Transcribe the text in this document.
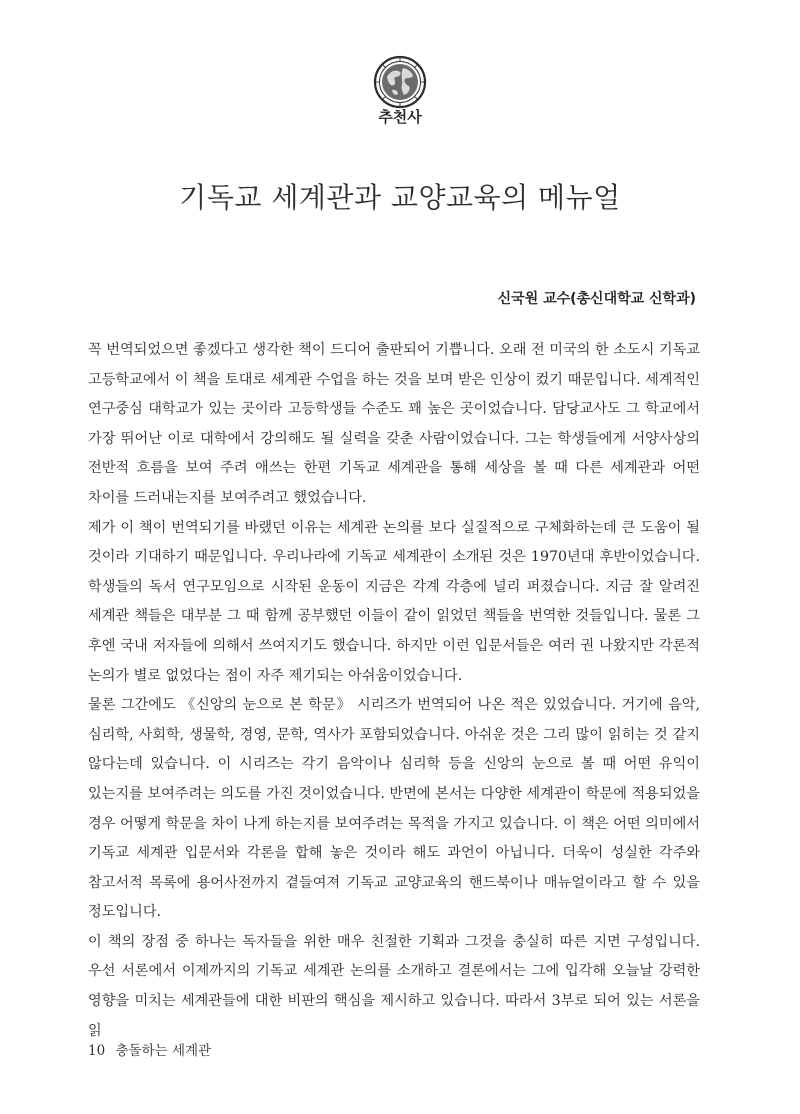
추천사
기독교 세계관과 교양교육의 메뉴얼
신국원 교수(총신대학교 신학과)

꼭 번역되었으면 좋겠다고 생각한 책이 드디어 출판되어 기쁩니다. 오래 전 미국의 한 소도시 기독교 고등학교에서 이 책을 토대로 세계관 수업을 하는 것을 보며 받은 인상이 컸기 때문입니다. 세계적인 연구중심 대학교가 있는 곳이라 고등학생들 수준도 꽤 높은 곳이었습니다. 담당교사도 그 학교에서 가장 뛰어난 이로 대학에서 강의해도 될 실력을 갖춘 사람이었습니다. 그는 학생들에게 서양사상의 전반적 흐름을 보여 주려 애쓰는 한편 기독교 세계관을 통해 세상을 볼 때 다른 세계관과 어떤 차이를 드러내는지를 보여주려고 했었습니다.

제가 이 책이 번역되기를 바랬던 이유는 세계관 논의를 보다 실질적으로 구체화하는데 큰 도움이 될 것이라 기대하기 때문입니다. 우리나라에 기독교 세계관이 소개된 것은 1970년대 후반이었습니다. 학생들의 독서 연구모임으로 시작된 운동이 지금은 각계 각층에 널리 퍼졌습니다. 지금 잘 알려진 세계관 책들은 대부분 그 때 함께 공부했던 이들이 같이 읽었던 책들을 번역한 것들입니다. 물론 그 후엔 국내 저자들에 의해서 쓰여지기도 했습니다. 하지만 이런 입문서들은 여러 권 나왔지만 각론적 논의가 별로 없었다는 점이 자주 제기되는 아쉬움이었습니다.

물론 그간에도 《신앙의 눈으로 본 학문》 시리즈가 번역되어 나온 적은 있었습니다. 거기에 음악, 심리학, 사회학, 생물학, 경영, 문학, 역사가 포함되었습니다. 아쉬운 것은 그리 많이 읽히는 것 같지 않다는데 있습니다. 이 시리즈는 각기 음악이나 심리학 등을 신앙의 눈으로 볼 때 어떤 유익이 있는지를 보여주려는 의도를 가진 것이었습니다. 반면에 본서는 다양한 세계관이 학문에 적용되었을 경우 어떻게 학문을 차이 나게 하는지를 보여주려는 목적을 가지고 있습니다. 이 책은 어떤 의미에서 기독교 세계관 입문서와 각론을 합해 놓은 것이라 해도 과언이 아닙니다. 더욱이 성실한 각주와 참고서적 목록에 용어사전까지 곁들여져 기독교 교양교육의 핸드북이나 매뉴얼이라고 할 수 있을 정도입니다.

이 책의 장점 중 하나는 독자들을 위한 매우 친절한 기획과 그것을 충실히 따른 지면 구성입니다. 우선 서론에서 이제까지의 기독교 세계관 논의를 소개하고 결론에서는 그에 입각해 오늘날 강력한 영향을 미치는 세계관들에 대한 비판의 핵심을 제시하고 있습니다. 따라서 3부로 되어 있는 서론을 읽

10 충돌하는 세계관
